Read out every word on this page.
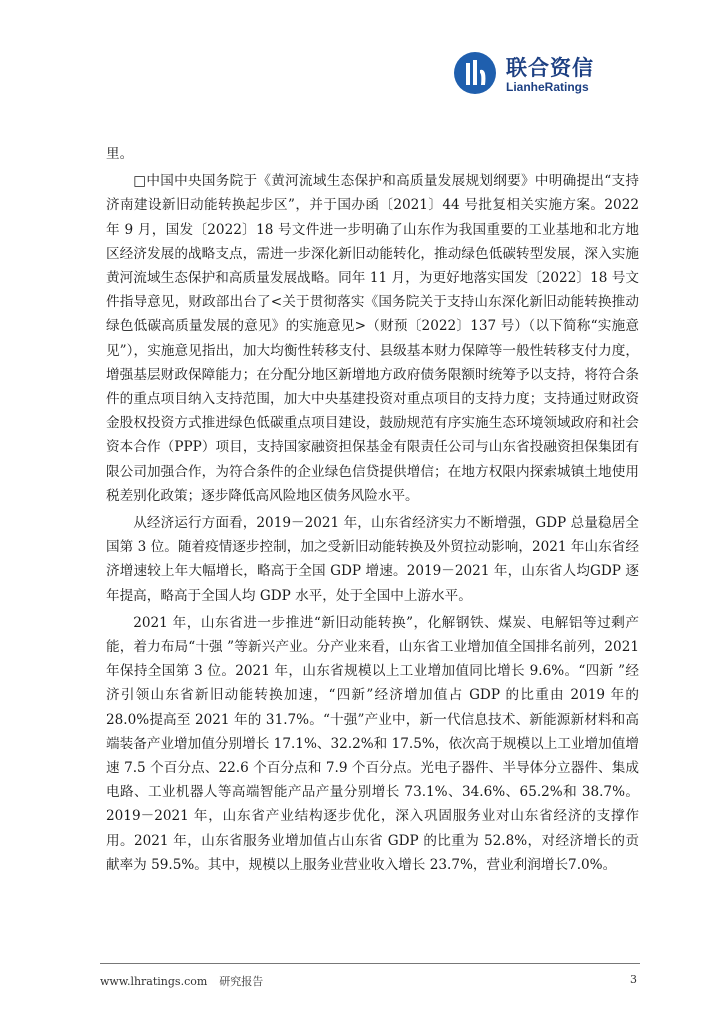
联合资信
LianheRatings

里。

□中国中央国务院于《黄河流域生态保护和高质量发展规划纲要》中明确提出“支持济南建设新旧动能转换起步区”，并于国办函〔2021〕44 号批复相关实施方案。2022 年 9 月，国发〔2022〕18 号文件进一步明确了山东作为我国重要的工业基地和北方地区经济发展的战略支点，需进一步深化新旧动能转化，推动绿色低碳转型发展，深入实施黄河流域生态保护和高质量发展战略。同年 11 月，为更好地落实国发〔2022〕18 号文件指导意见，财政部出台了<关于贯彻落实《国务院关于支持山东深化新旧动能转换推动绿色低碳高质量发展的意见》的实施意见>（财预〔2022〕137 号）（以下简称“实施意见”），实施意见指出，加大均衡性转移支付、县级基本财力保障等一般性转移支付力度，增强基层财政保障能力；在分配分地区新增地方政府债务限额时统筹予以支持，将符合条件的重点项目纳入支持范围，加大中央基建投资对重点项目的支持力度；支持通过财政资金股权投资方式推进绿色低碳重点项目建设，鼓励规范有序实施生态环境领域政府和社会资本合作（PPP）项目，支持国家融资担保基金有限责任公司与山东省投融资担保集团有限公司加强合作，为符合条件的企业绿色信贷提供增信；在地方权限内探索城镇土地使用税差别化政策；逐步降低高风险地区债务风险水平。

从经济运行方面看，2019－2021 年，山东省经济实力不断增强，GDP 总量稳居全国第 3 位。随着疫情逐步控制，加之受新旧动能转换及外贸拉动影响，2021 年山东省经济增速较上年大幅增长，略高于全国 GDP 增速。2019－2021 年，山东省人均GDP 逐年提高，略高于全国人均 GDP 水平，处于全国中上游水平。

2021 年，山东省进一步推进“新旧动能转换”，化解钢铁、煤炭、电解铝等过剩产能，着力布局“十强 ”等新兴产业。分产业来看，山东省工业增加值全国排名前列，2021 年保持全国第 3 位。2021 年，山东省规模以上工业增加值同比增长 9.6%。“四新 ”经济引领山东省新旧动能转换加速，“四新”经济增加值占 GDP 的比重由 2019 年的 28.0%提高至 2021 年的 31.7%。“十强”产业中，新一代信息技术、新能源新材料和高端装备产业增加值分别增长 17.1%、32.2%和 17.5%，依次高于规模以上工业增加值增速 7.5 个百分点、22.6 个百分点和 7.9 个百分点。光电子器件、半导体分立器件、集成电路、工业机器人等高端智能产品产量分别增长 73.1%、34.6%、65.2%和 38.7%。2019－2021 年，山东省产业结构逐步优化，深入巩固服务业对山东省经济的支撑作用。2021 年，山东省服务业增加值占山东省 GDP 的比重为 52.8%，对经济增长的贡献率为 59.5%。其中，规模以上服务业营业收入增长 23.7%，营业利润增长7.0%。

www.lhratings.com 研究报告	3
